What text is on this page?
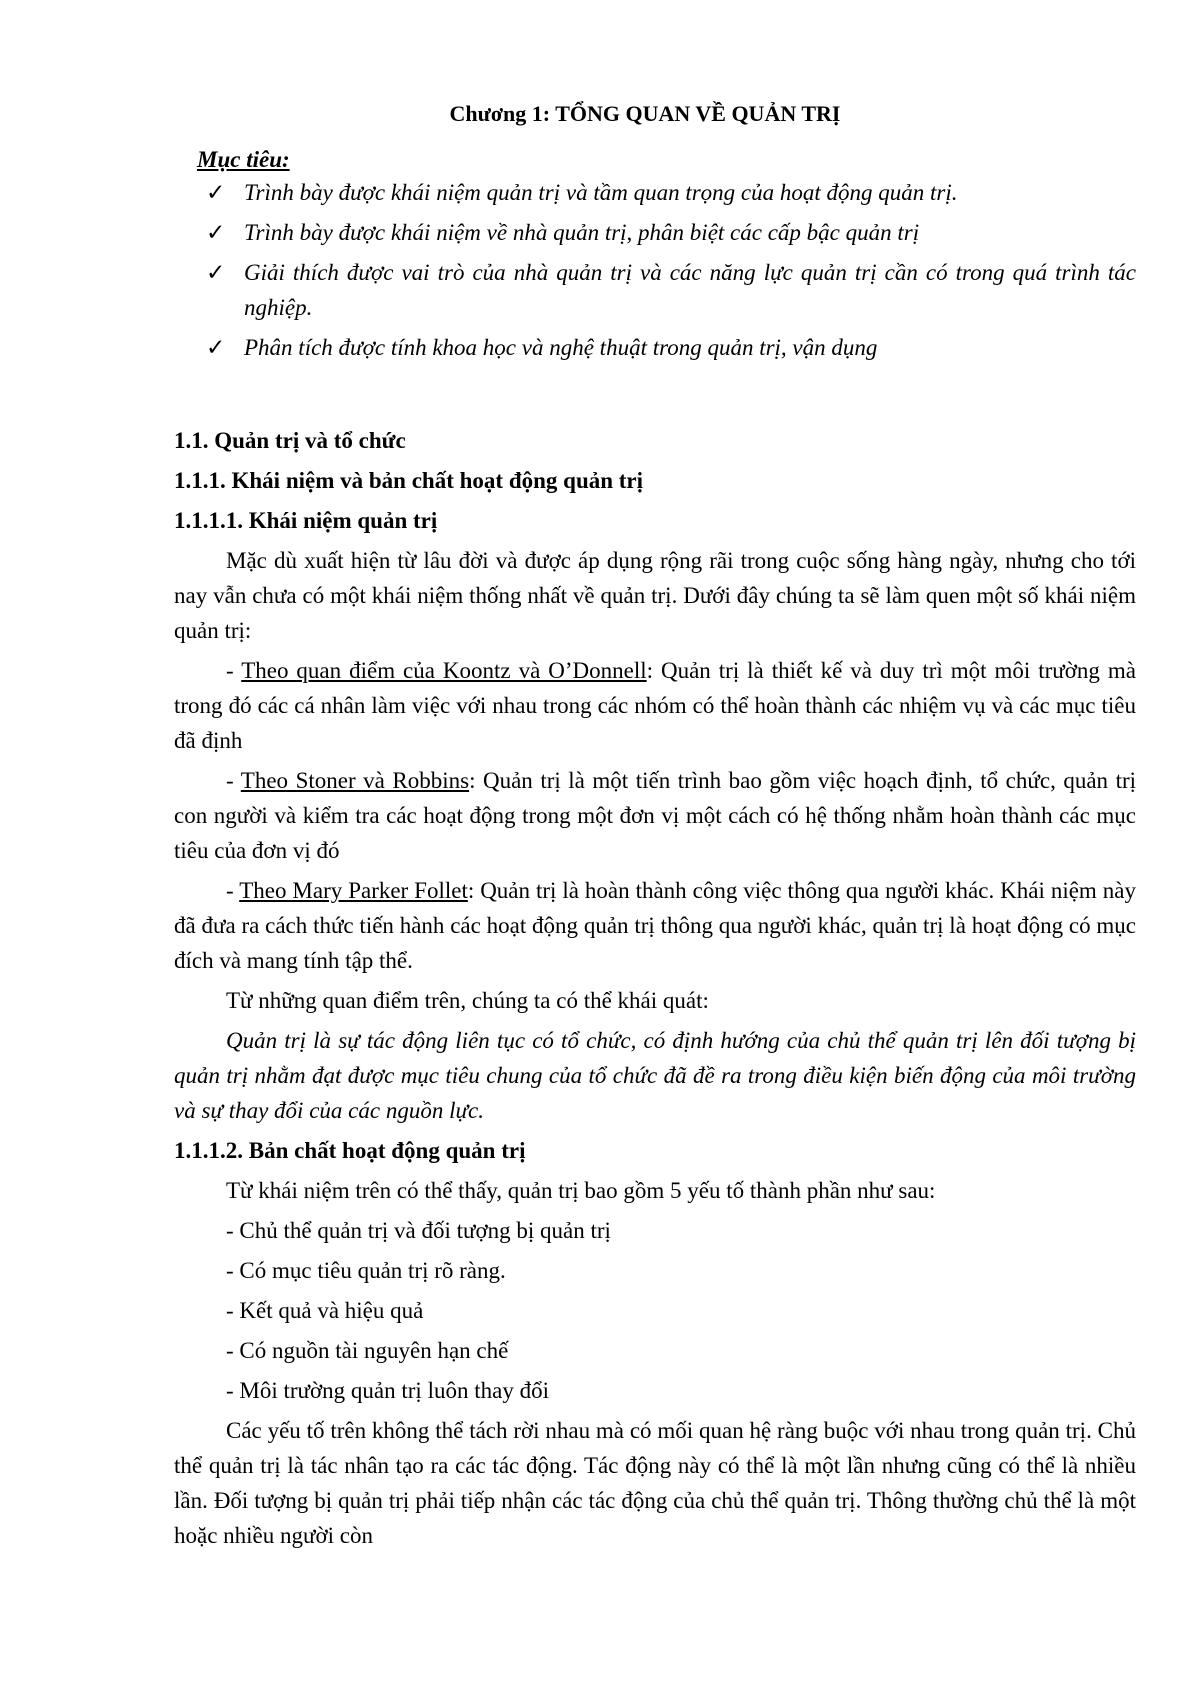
Chương 1: TỔNG QUAN VỀ QUẢN TRỊ
Mục tiêu:
✓ Trình bày được khái niệm quản trị và tầm quan trọng của hoạt động quản trị.
✓ Trình bày được khái niệm về nhà quản trị, phân biệt các cấp bậc quản trị
✓ Giải thích được vai trò của nhà quản trị và các năng lực quản trị cần có trong quá trình tác nghiệp.
✓ Phân tích được tính khoa học và nghệ thuật trong quản trị, vận dụng

1.1. Quản trị và tổ chức

1.1.1. Khái niệm và bản chất hoạt động quản trị

1.1.1.1. Khái niệm quản trị

Mặc dù xuất hiện từ lâu đời và được áp dụng rộng rãi trong cuộc sống hàng ngày, nhưng cho tới nay vẫn chưa có một khái niệm thống nhất về quản trị. Dưới đây chúng ta sẽ làm quen một số khái niệm quản trị:

- Theo quan điểm của Koontz và O’Donnell: Quản trị là thiết kế và duy trì một môi trường mà trong đó các cá nhân làm việc với nhau trong các nhóm có thể hoàn thành các nhiệm vụ và các mục tiêu đã định

- Theo Stoner và Robbins: Quản trị là một tiến trình bao gồm việc hoạch định, tổ chức, quản trị con người và kiểm tra các hoạt động trong một đơn vị một cách có hệ thống nhằm hoàn thành các mục tiêu của đơn vị đó

- Theo Mary Parker Follet: Quản trị là hoàn thành công việc thông qua người khác. Khái niệm này đã đưa ra cách thức tiến hành các hoạt động quản trị thông qua người khác, quản trị là hoạt động có mục đích và mang tính tập thể.

Từ những quan điểm trên, chúng ta có thể khái quát:

Quản trị là sự tác động liên tục có tổ chức, có định hướng của chủ thể quản trị lên đối tượng bị quản trị nhằm đạt được mục tiêu chung của tổ chức đã đề ra trong điều kiện biến động của môi trường và sự thay đổi của các nguồn lực.

1.1.1.2. Bản chất hoạt động quản trị

Từ khái niệm trên có thể thấy, quản trị bao gồm 5 yếu tố thành phần như sau:

- Chủ thể quản trị và đối tượng bị quản trị

- Có mục tiêu quản trị rõ ràng.

- Kết quả và hiệu quả

- Có nguồn tài nguyên hạn chế

- Môi trường quản trị luôn thay đổi

Các yếu tố trên không thể tách rời nhau mà có mối quan hệ ràng buộc với nhau trong quản trị. Chủ thể quản trị là tác nhân tạo ra các tác động. Tác động này có thể là một lần nhưng cũng có thể là nhiều lần. Đối tượng bị quản trị phải tiếp nhận các tác động của chủ thể quản trị. Thông thường chủ thể là một hoặc nhiều người còn
